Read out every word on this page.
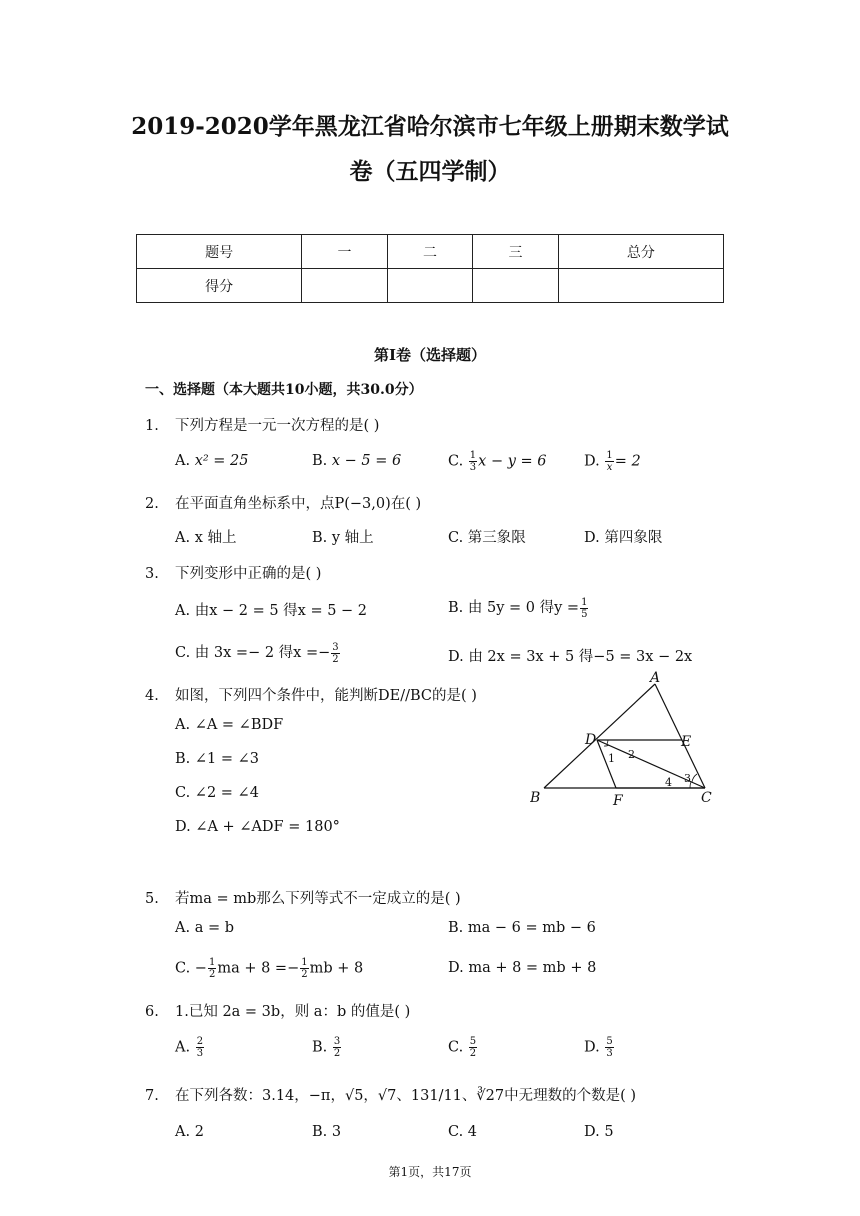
2019-2020学年黑龙江省哈尔滨市七年级上册期末数学试
卷（五四学制）
题号	一	二	三	总分
得分				
第I卷（选择题）
一、选择题（本大题共10小题，共30.0分）
1. 下列方程是一元一次方程的是( )
A. x² = 25	B. x − 5 = 6	C. $\frac{1}{3}$ x − y = 6	D. $\frac{1}{x} = 2$
2. 在平面直角坐标系中，点P(−3,0)在( )
A. x 轴上	B. y 轴上	C. 第三象限	D. 第四象限
3. 下列变形中正确的是( )
A. 由x − 2 = 5 得x = 5 − 2	B. 由 5y = 0 得$y = \frac{1}{5}$
C. 由 3x =− 2 得$x =- \frac{3}{2}$	D. 由 2x = 3x + 5 得−5 = 3x − 2x
4. 如图，下列四个条件中，能判断DE//BC的是( )
A. ∠A = ∠BDF
B. ∠1 = ∠3
C. ∠2 = ∠4
D. ∠A + ∠ADF = 180°
A
B	C
D	E
F
1 2
3
4
5. 若ma = mb那么下列等式不一定成立的是( )
A. a = b	B. ma − 6 = mb − 6
C. − $\frac{1}{2}$ ma + $8 =- \frac{1}{2}$ mb + 8	D. ma + 8 = mb + 8
6. 1.已知 2a = 3b，则 a：b 的值是( )
A. $\frac{2}{3}$	B. $\frac{3}{2}$	C. $\frac{5}{2}$	D. $\frac{5}{3}$
7. 在下列各数：3.14，−π，√5，√7、131/11、∛27中无理数的个数是( )
A. 2	B. 3	C. 4	D. 5
第1页，共17页
